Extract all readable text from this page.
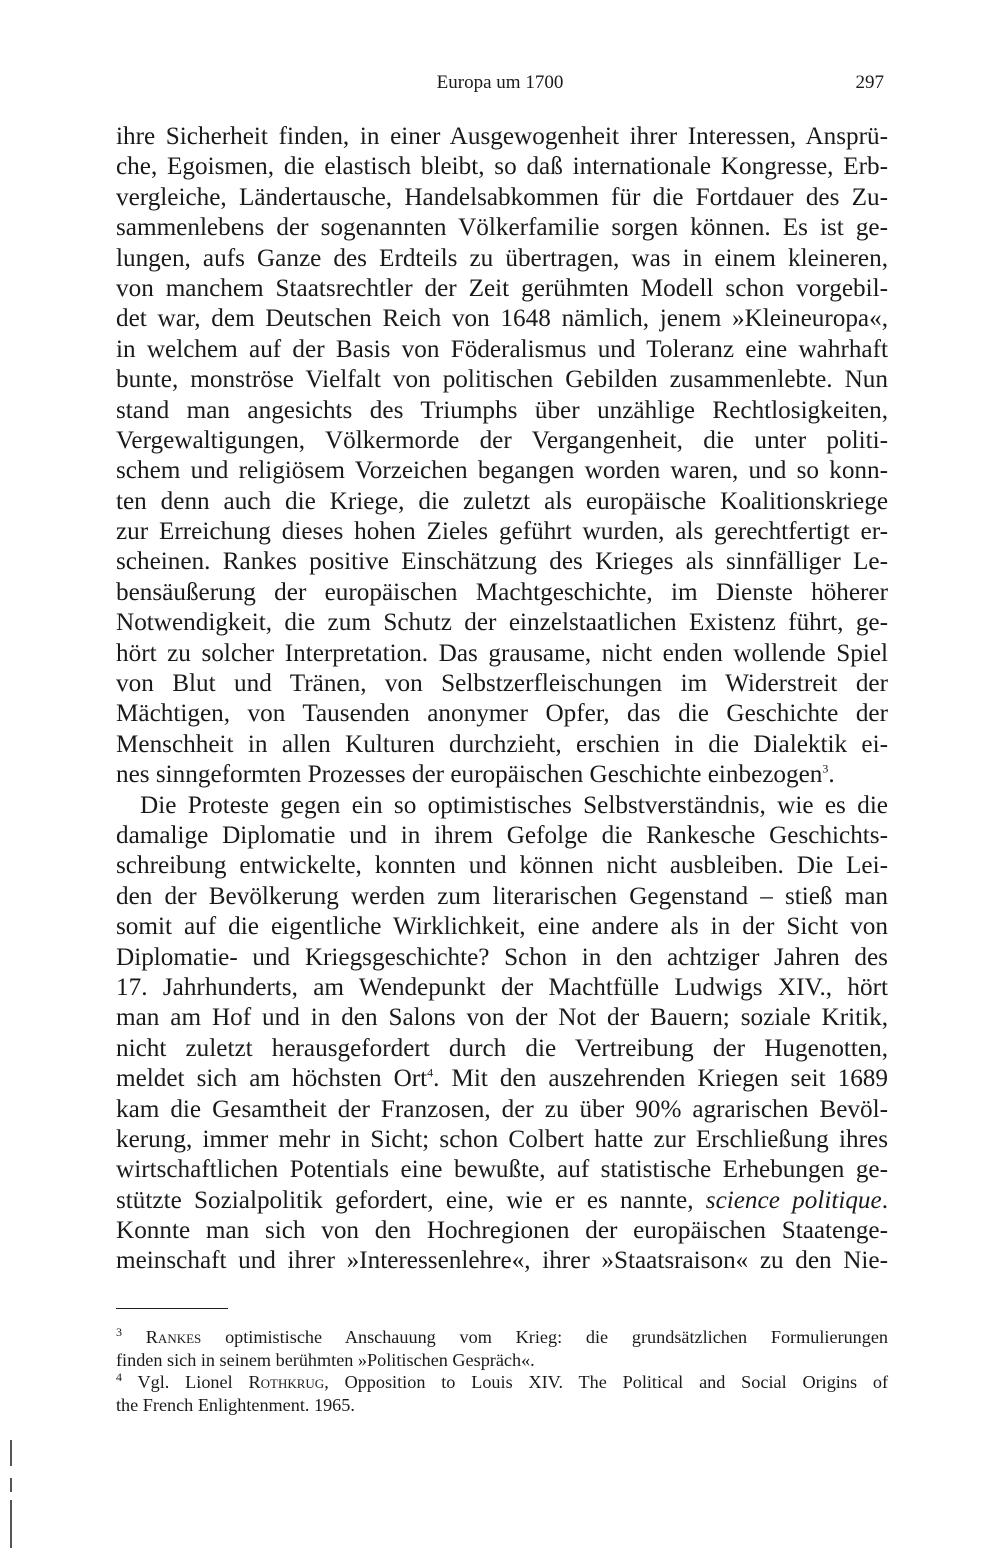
Europa um 1700	297
ihre Sicherheit finden, in einer Ausgewogenheit ihrer Interessen, Ansprü-
che, Egoismen, die elastisch bleibt, so daß internationale Kongresse, Erb-
vergleiche, Ländertausche, Handelsabkommen für die Fortdauer des Zu-
sammenlebens der sogenannten Völkerfamilie sorgen können. Es ist ge-
lungen, aufs Ganze des Erdteils zu übertragen, was in einem kleineren,
von manchem Staatsrechtler der Zeit gerühmten Modell schon vorgebil-
det war, dem Deutschen Reich von 1648 nämlich, jenem »Kleineuropa«,
in welchem auf der Basis von Föderalismus und Toleranz eine wahrhaft
bunte, monströse Vielfalt von politischen Gebilden zusammenlebte. Nun
stand man angesichts des Triumphs über unzählige Rechtlosigkeiten,
Vergewaltigungen, Völkermorde der Vergangenheit, die unter politi-
schem und religiösem Vorzeichen begangen worden waren, und so konn-
ten denn auch die Kriege, die zuletzt als europäische Koalitionskriege
zur Erreichung dieses hohen Zieles geführt wurden, als gerechtfertigt er-
scheinen. Rankes positive Einschätzung des Krieges als sinnfälliger Le-
bensäußerung der europäischen Machtgeschichte, im Dienste höherer
Notwendigkeit, die zum Schutz der einzelstaatlichen Existenz führt, ge-
hört zu solcher Interpretation. Das grausame, nicht enden wollende Spiel
von Blut und Tränen, von Selbstzerfleischungen im Widerstreit der
Mächtigen, von Tausenden anonymer Opfer, das die Geschichte der
Menschheit in allen Kulturen durchzieht, erschien in die Dialektik ei-
nes sinngeformten Prozesses der europäischen Geschichte einbezogen$^3$.
Die Proteste gegen ein so optimistisches Selbstverständnis, wie es die
damalige Diplomatie und in ihrem Gefolge die Rankesche Geschichts-
schreibung entwickelte, konnten und können nicht ausbleiben. Die Lei-
den der Bevölkerung werden zum literarischen Gegenstand – stieß man
somit auf die eigentliche Wirklichkeit, eine andere als in der Sicht von
Diplomatie- und Kriegsgeschichte? Schon in den achtziger Jahren des
17. Jahrhunderts, am Wendepunkt der Machtfülle Ludwigs XIV., hört
man am Hof und in den Salons von der Not der Bauern; soziale Kritik,
nicht zuletzt herausgefordert durch die Vertreibung der Hugenotten,
meldet sich am höchsten Ort$^4$. Mit den auszehrenden Kriegen seit 1689
kam die Gesamtheit der Franzosen, der zu über 90% agrarischen Bevöl-
kerung, immer mehr in Sicht; schon Colbert hatte zur Erschließung ihres
wirtschaftlichen Potentials eine bewußte, auf statistische Erhebungen ge-
stützte Sozialpolitik gefordert, eine, wie er es nannte, science politique.
Konnte man sich von den Hochregionen der europäischen Staatenge-
meinschaft und ihrer »Interessenlehre«, ihrer »Staatsraison« zu den Nie-
$^3$ Rankes optimistische Anschauung vom Krieg: die grundsätzlichen Formulierungen
finden sich in seinem berühmten »Politischen Gespräch«.
$^4$ Vgl. Lionel Rothkrug, Opposition to Louis XIV. The Political and Social Origins of
the French Enlightenment. 1965.
